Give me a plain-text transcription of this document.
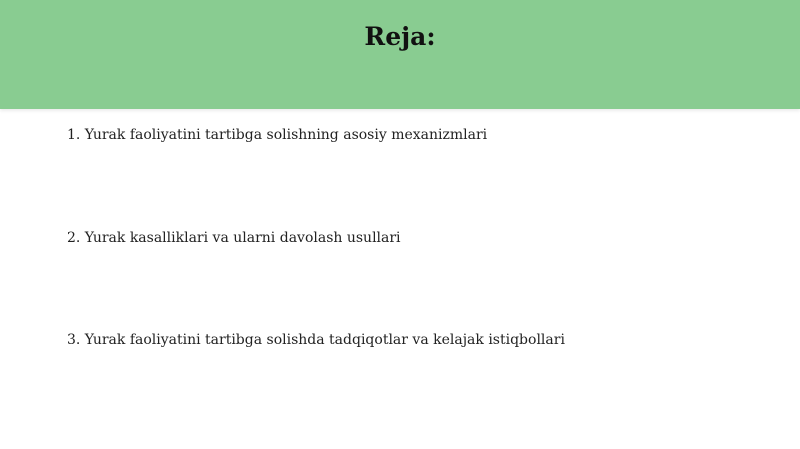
Reja:
1. Yurak faoliyatini tartibga solishning asosiy mexanizmlari
2. Yurak kasalliklari va ularni davolash usullari
3. Yurak faoliyatini tartibga solishda tadqiqotlar va kelajak istiqbollari
